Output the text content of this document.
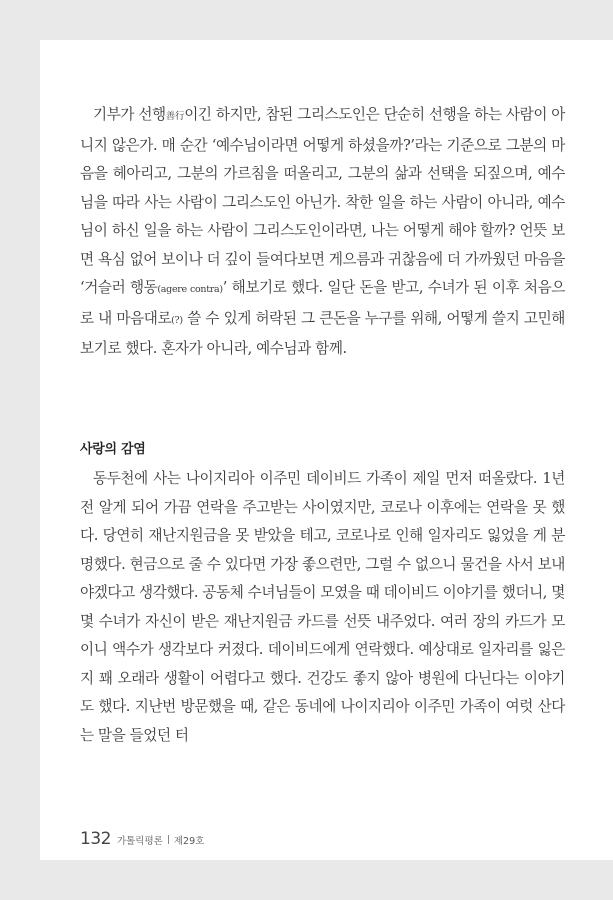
기부가 선행善行이긴 하지만, 참된 그리스도인은 단순히 선행을 하는 사람이 아니지 않은가. 매 순간 ‘예수님이라면 어떻게 하셨을까?’라는 기준으로 그분의 마음을 헤아리고, 그분의 가르침을 떠올리고, 그분의 삶과 선택을 되짚으며, 예수님을 따라 사는 사람이 그리스도인 아닌가. 착한 일을 하는 사람이 아니라, 예수님이 하신 일을 하는 사람이 그리스도인이라면, 나는 어떻게 해야 할까? 언뜻 보면 욕심 없어 보이나 더 깊이 들여다보면 게으름과 귀찮음에 더 가까웠던 마음을 ‘거슬러 행동(agere contra)’ 해보기로 했다. 일단 돈을 받고, 수녀가 된 이후 처음으로 내 마음대로(?) 쓸 수 있게 허락된 그 큰돈을 누구를 위해, 어떻게 쓸지 고민해보기로 했다. 혼자가 아니라, 예수님과 함께.

사랑의 감염

동두천에 사는 나이지리아 이주민 데이비드 가족이 제일 먼저 떠올랐다. 1년 전 알게 되어 가끔 연락을 주고받는 사이였지만, 코로나 이후에는 연락을 못 했다. 당연히 재난지원금을 못 받았을 테고, 코로나로 인해 일자리도 잃었을 게 분명했다. 현금으로 줄 수 있다면 가장 좋으련만, 그럴 수 없으니 물건을 사서 보내야겠다고 생각했다. 공동체 수녀님들이 모였을 때 데이비드 이야기를 했더니, 몇몇 수녀가 자신이 받은 재난지원금 카드를 선뜻 내주었다. 여러 장의 카드가 모이니 액수가 생각보다 커졌다. 데이비드에게 연락했다. 예상대로 일자리를 잃은 지 꽤 오래라 생활이 어렵다고 했다. 건강도 좋지 않아 병원에 다닌다는 이야기도 했다. 지난번 방문했을 때, 같은 동네에 나이지리아 이주민 가족이 여럿 산다는 말을 들었던 터

132 가톨릭평론 제29호
